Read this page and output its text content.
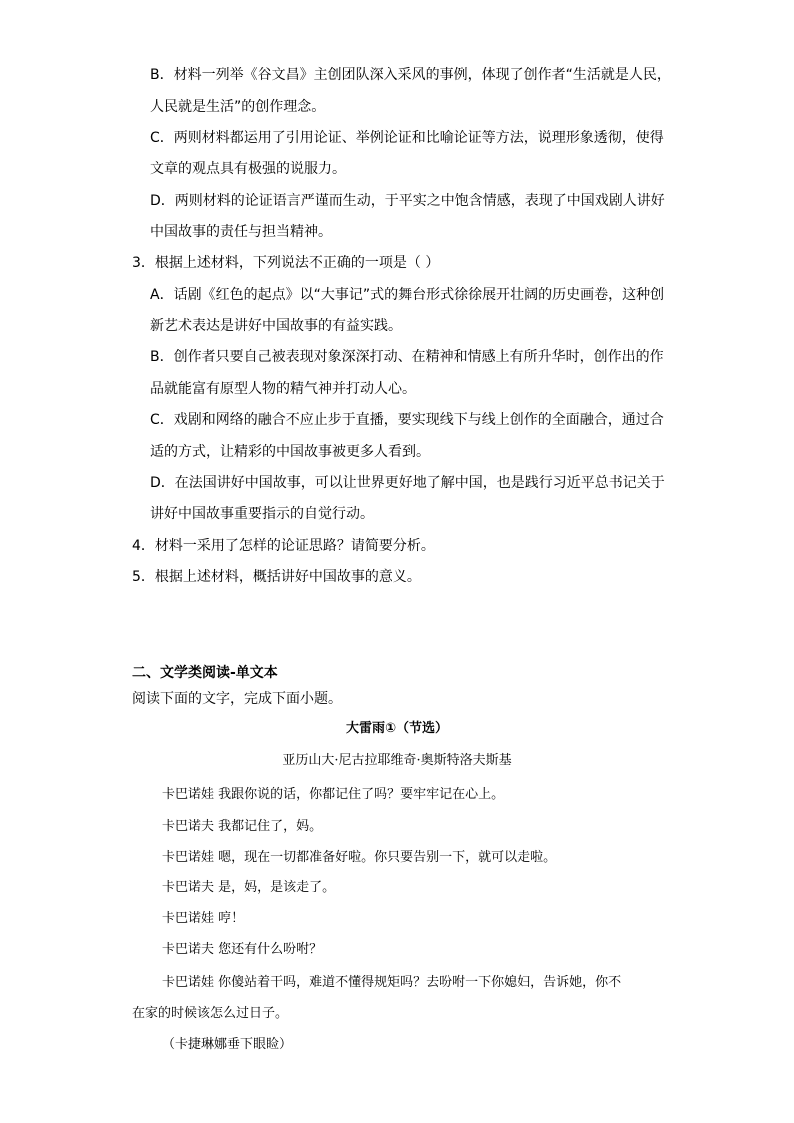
B．材料一列举《谷文昌》主创团队深入采风的事例，体现了创作者“生活就是人民，
人民就是生活”的创作理念。
C．两则材料都运用了引用论证、举例论证和比喻论证等方法，说理形象透彻，使得
文章的观点具有极强的说服力。
D．两则材料的论证语言严谨而生动，于平实之中饱含情感，表现了中国戏剧人讲好
中国故事的责任与担当精神。
3．根据上述材料，下列说法不正确的一项是（ ）
A．话剧《红色的起点》以“大事记”式的舞台形式徐徐展开壮阔的历史画卷，这种创
新艺术表达是讲好中国故事的有益实践。
B．创作者只要自己被表现对象深深打动、在精神和情感上有所升华时，创作出的作
品就能富有原型人物的精气神并打动人心。
C．戏剧和网络的融合不应止步于直播，要实现线下与线上创作的全面融合，通过合
适的方式，让精彩的中国故事被更多人看到。
D．在法国讲好中国故事，可以让世界更好地了解中国，也是践行习近平总书记关于
讲好中国故事重要指示的自觉行动。
4．材料一采用了怎样的论证思路？请简要分析。
5．根据上述材料，概括讲好中国故事的意义。
二、文学类阅读-单文本
阅读下面的文字，完成下面小题。
大雷雨①（节选）
亚历山大·尼古拉耶维奇·奥斯特洛夫斯基
卡巴诺娃 我跟你说的话，你都记住了吗？要牢牢记在心上。
卡巴诺夫 我都记住了，妈。
卡巴诺娃 嗯，现在一切都准备好啦。你只要告别一下，就可以走啦。
卡巴诺夫 是，妈，是该走了。
卡巴诺娃 哼！
卡巴诺夫 您还有什么吩咐？
卡巴诺娃 你傻站着干吗，难道不懂得规矩吗？去吩咐一下你媳妇，告诉她，你不
在家的时候该怎么过日子。
（卡捷琳娜垂下眼睑）
